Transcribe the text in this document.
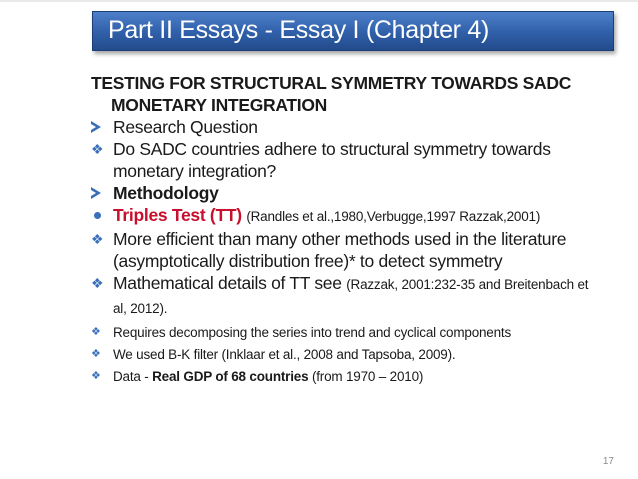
Part II Essays - Essay I (Chapter 4)
TESTING FOR STRUCTURAL SYMMETRY TOWARDS SADC
MONETARY INTEGRATION
Research Question
❖ Do SADC countries adhere to structural symmetry towards
monetary integration?
Methodology
Triples Test (TT) (Randles et al.,1980,Verbugge,1997 Razzak,2001)
❖ More efficient than many other methods used in the literature
(asymptotically distribution free)* to detect symmetry
❖ Mathematical details of TT see (Razzak, 2001:232-35 and Breitenbach et
al, 2012).
❖ Requires decomposing the series into trend and cyclical components
❖ We used B-K filter (Inklaar et al., 2008 and Tapsoba, 2009).
❖ Data - Real GDP of 68 countries (from 1970 – 2010)
17
